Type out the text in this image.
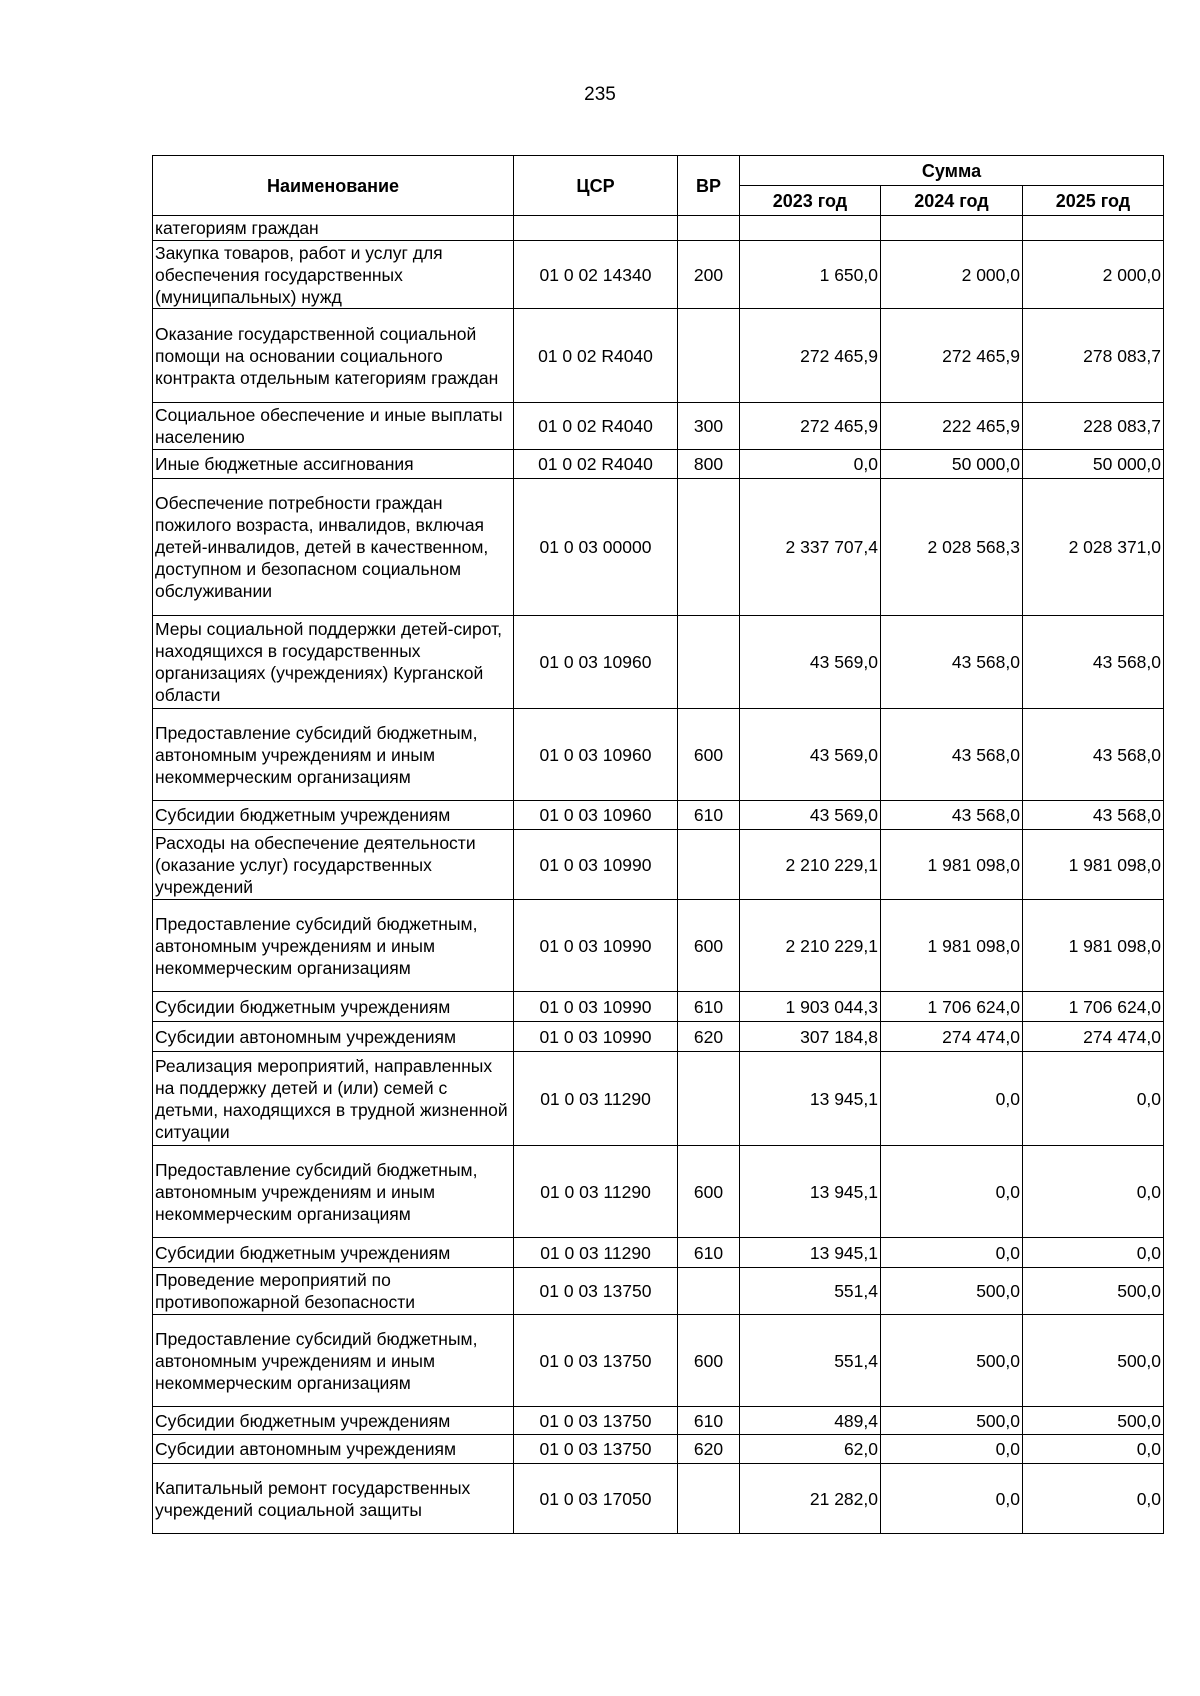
235
Наименование	ЦСР	ВР	Сумма		
			2023 год	2024 год	2025 год
категориям граждан					
Закупка товаров, работ и услуг для обеспечения государственных (муниципальных) нужд	01 0 02 14340	200	1 650,0	2 000,0	2 000,0
Оказание государственной социальной помощи на основании социального контракта отдельным категориям граждан	01 0 02 R4040		272 465,9	272 465,9	278 083,7
Социальное обеспечение и иные выплаты населению	01 0 02 R4040	300	272 465,9	222 465,9	228 083,7
Иные бюджетные ассигнования	01 0 02 R4040	800	0,0	50 000,0	50 000,0
Обеспечение потребности граждан пожилого возраста, инвалидов, включая детей-инвалидов, детей в качественном, доступном и безопасном социальном обслуживании	01 0 03 00000		2 337 707,4	2 028 568,3	2 028 371,0
Меры социальной поддержки детей-сирот, находящихся в государственных организациях (учреждениях) Курганской области	01 0 03 10960		43 569,0	43 568,0	43 568,0
Предоставление субсидий бюджетным, автономным учреждениям и иным некоммерческим организациям	01 0 03 10960	600	43 569,0	43 568,0	43 568,0
Субсидии бюджетным учреждениям	01 0 03 10960	610	43 569,0	43 568,0	43 568,0
Расходы на обеспечение деятельности (оказание услуг) государственных учреждений	01 0 03 10990		2 210 229,1	1 981 098,0	1 981 098,0
Предоставление субсидий бюджетным, автономным учреждениям и иным некоммерческим организациям	01 0 03 10990	600	2 210 229,1	1 981 098,0	1 981 098,0
Субсидии бюджетным учреждениям	01 0 03 10990	610	1 903 044,3	1 706 624,0	1 706 624,0
Субсидии автономным учреждениям	01 0 03 10990	620	307 184,8	274 474,0	274 474,0
Реализация мероприятий, направленных на поддержку детей и (или) семей с детьми, находящихся в трудной жизненной ситуации	01 0 03 11290		13 945,1	0,0	0,0
Предоставление субсидий бюджетным, автономным учреждениям и иным некоммерческим организациям	01 0 03 11290	600	13 945,1	0,0	0,0
Субсидии бюджетным учреждениям	01 0 03 11290	610	13 945,1	0,0	0,0
Проведение мероприятий по противопожарной безопасности	01 0 03 13750		551,4	500,0	500,0
Предоставление субсидий бюджетным, автономным учреждениям и иным некоммерческим организациям	01 0 03 13750	600	551,4	500,0	500,0
Субсидии бюджетным учреждениям	01 0 03 13750	610	489,4	500,0	500,0
Субсидии автономным учреждениям	01 0 03 13750	620	62,0	0,0	0,0
Капитальный ремонт государственных учреждений социальной защиты	01 0 03 17050		21 282,0	0,0	0,0
